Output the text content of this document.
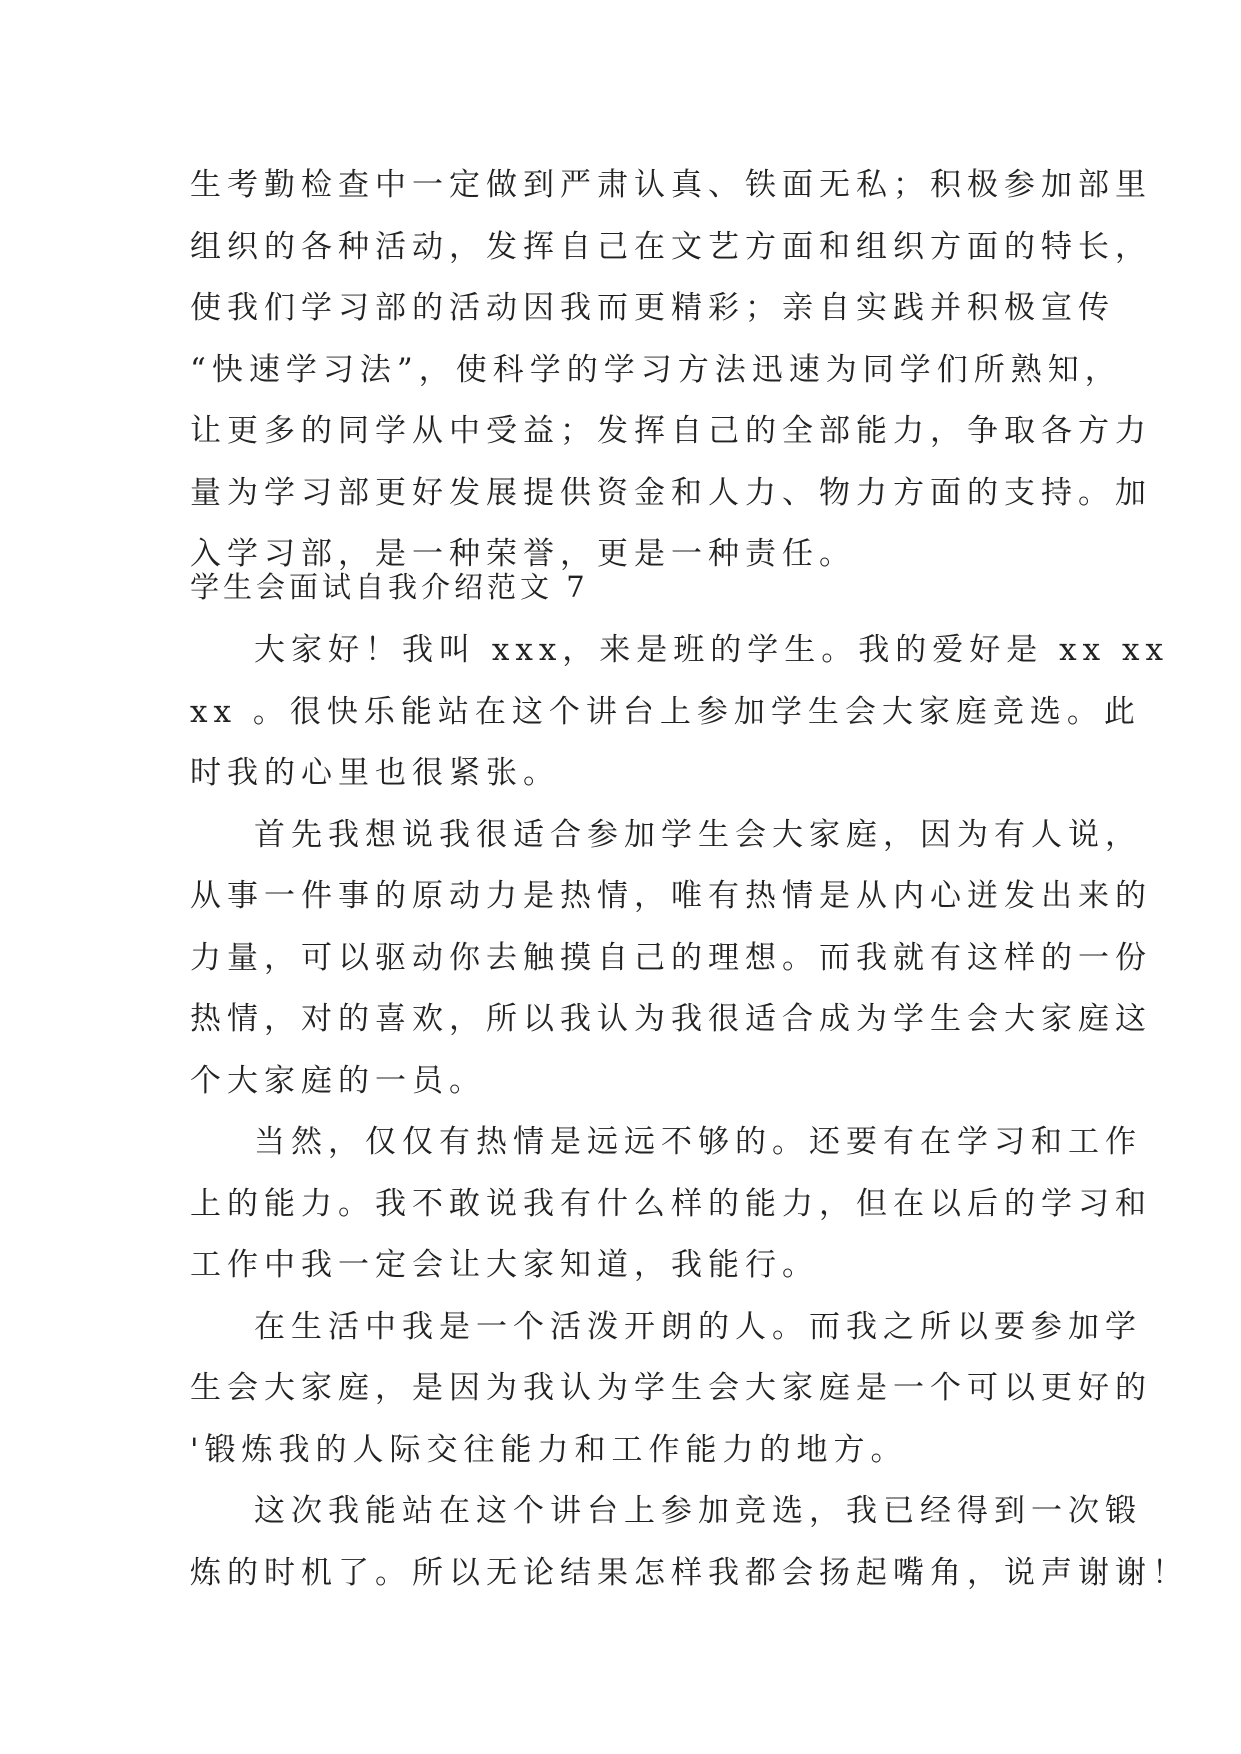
生考勤检查中一定做到严肃认真、铁面无私；积极参加部里
组织的各种活动，发挥自己在文艺方面和组织方面的特长，
使我们学习部的活动因我而更精彩；亲自实践并积极宣传
“快速学习法”，使科学的学习方法迅速为同学们所熟知，
让更多的同学从中受益；发挥自己的全部能力，争取各方力
量为学习部更好发展提供资金和人力、物力方面的支持。加
入学习部，是一种荣誉，更是一种责任。
学生会面试自我介绍范文 7
大家好！我叫 xxx，来是班的学生。我的爱好是 xx xx
xx 。很快乐能站在这个讲台上参加学生会大家庭竞选。此
时我的心里也很紧张。
首先我想说我很适合参加学生会大家庭，因为有人说，
从事一件事的原动力是热情，唯有热情是从内心迸发出来的
力量，可以驱动你去触摸自己的理想。而我就有这样的一份
热情，对的喜欢，所以我认为我很适合成为学生会大家庭这
个大家庭的一员。
当然，仅仅有热情是远远不够的。还要有在学习和工作
上的能力。我不敢说我有什么样的能力，但在以后的学习和
工作中我一定会让大家知道，我能行。
在生活中我是一个活泼开朗的人。而我之所以要参加学
生会大家庭，是因为我认为学生会大家庭是一个可以更好的
'锻炼我的人际交往能力和工作能力的地方。
这次我能站在这个讲台上参加竞选，我已经得到一次锻
炼的时机了。所以无论结果怎样我都会扬起嘴角，说声谢谢！
